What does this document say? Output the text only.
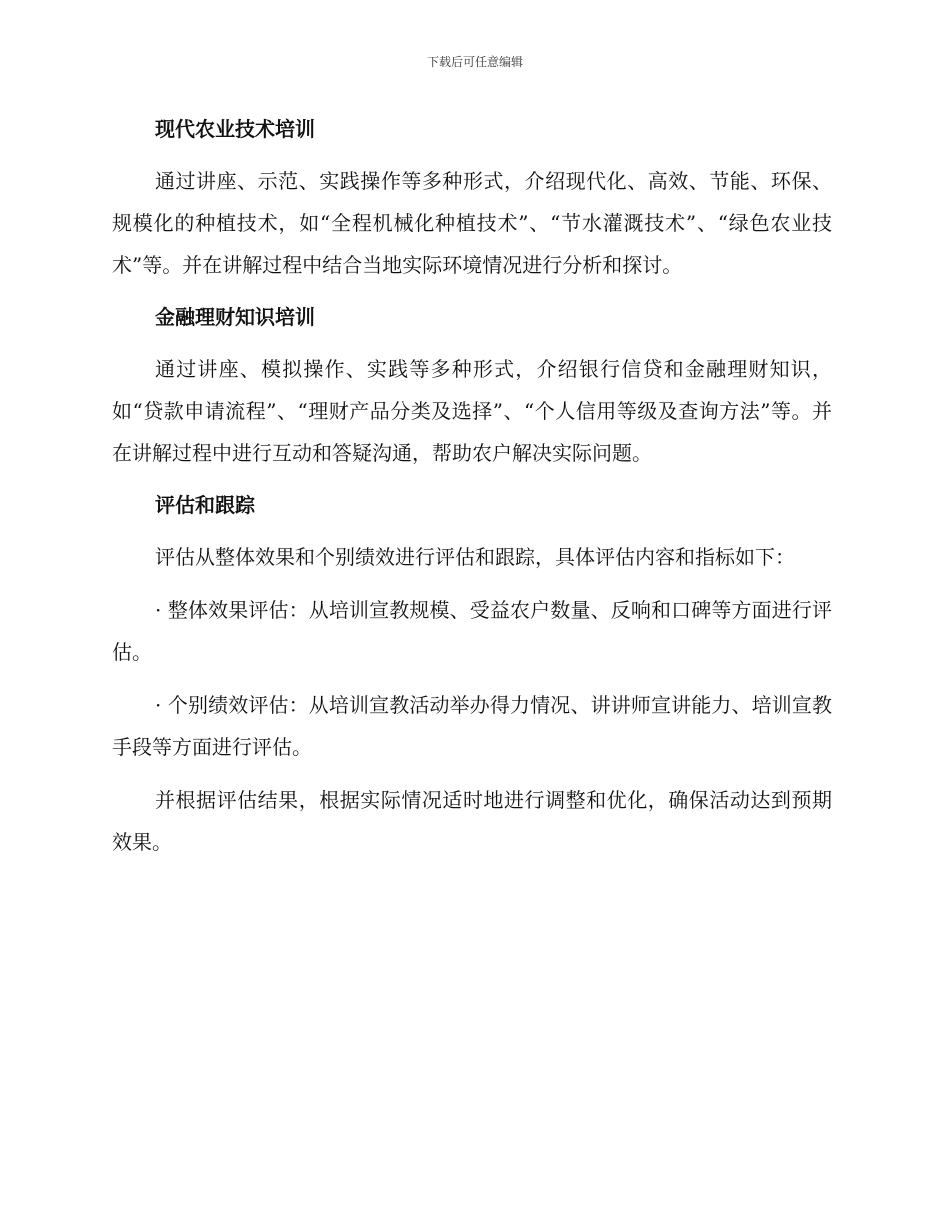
下载后可任意编辑
现代农业技术培训
通过讲座、示范、实践操作等多种形式，介绍现代化、高效、节能、环保、规模化的种植技术，如“全程机械化种植技术”、“节水灌溉技术”、“绿色农业技术”等。并在讲解过程中结合当地实际环境情况进行分析和探讨。
金融理财知识培训
通过讲座、模拟操作、实践等多种形式，介绍银行信贷和金融理财知识，如“贷款申请流程”、“理财产品分类及选择”、“个人信用等级及查询方法”等。并在讲解过程中进行互动和答疑沟通，帮助农户解决实际问题。
评估和跟踪
评估从整体效果和个别绩效进行评估和跟踪，具体评估内容和指标如下：
· 整体效果评估：从培训宣教规模、受益农户数量、反响和口碑等方面进行评估。
· 个别绩效评估：从培训宣教活动举办得力情况、讲讲师宣讲能力、培训宣教手段等方面进行评估。
并根据评估结果，根据实际情况适时地进行调整和优化，确保活动达到预期效果。
